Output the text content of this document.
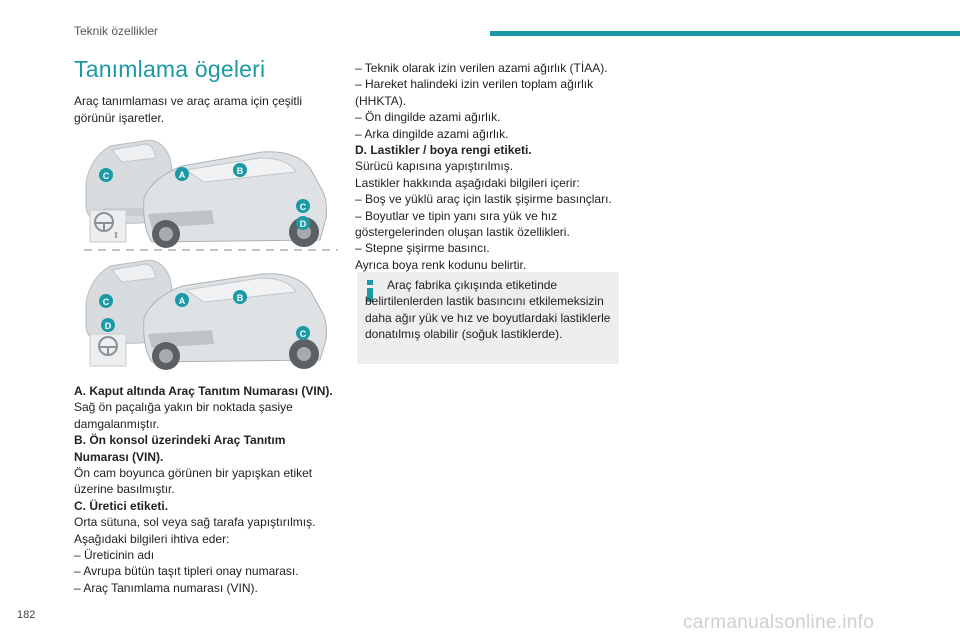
Teknik özellikler
Tanımlama ögeleri
Araç tanımlaması ve araç arama için çeşitli görünür işaretler.
A	B
C
C
D
A	B
C
C
D

A. Kaput altında Araç Tanıtım Numarası (VIN).

Sağ ön paçalığa yakın bir noktada şasiye

damgalanmıştır.

B. Ön konsol üzerindeki Araç Tanıtım

Numarası (VIN).

Ön cam boyunca görünen bir yapışkan etiket

üzerine basılmıştır.

C. Üretici etiketi.

Orta sütuna, sol veya sağ tarafa yapıştırılmış.

Aşağıdaki bilgileri ihtiva eder:

– Üreticinin adı

– Avrupa bütün taşıt tipleri onay numarası.

– Araç Tanımlama numarası (VIN).

– Teknik olarak izin verilen azami ağırlık (TİAA).

– Hareket halindeki izin verilen toplam ağırlık

(HHKTA).

– Ön dingilde azami ağırlık.

– Arka dingilde azami ağırlık.

D. Lastikler / boya rengi etiketi.

Sürücü kapısına yapıştırılmış.

Lastikler hakkında aşağıdaki bilgileri içerir:

– Boş ve yüklü araç için lastik şişirme basınçları.

– Boyutlar ve tipin yanı sıra yük ve hız

göstergelerinden oluşan lastik özellikleri.

– Stepne şişirme basıncı.

Ayrıca boya renk kodunu belirtir.

Araç fabrika çıkışında etiketinde belirtilenlerden lastik basıncını etkilemeksizin daha ağır yük ve hız ve boyutlardaki lastiklerle donatılmış olabilir (soğuk lastiklerde).
182	carmanualsonline.info
